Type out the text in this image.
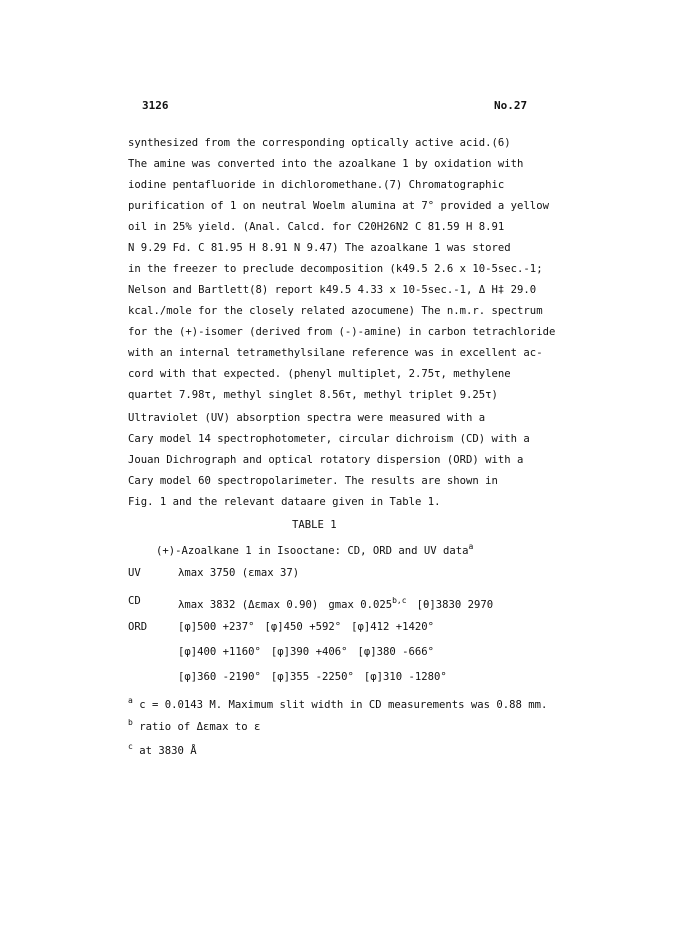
3126	No.27
synthesized from the corresponding optically active acid.(6)
The amine was converted into the azoalkane 1 by oxidation with
iodine pentafluoride in dichloromethane.(7) Chromatographic
purification of 1 on neutral Woelm alumina at 7° provided a yellow
oil in 25% yield. (Anal. Calcd. for C20H26N2 C 81.59 H 8.91
N 9.29 Fd. C 81.95 H 8.91 N 9.47) The azoalkane 1 was stored
in the freezer to preclude decomposition (k49.5 2.6 x 10-5sec.-1;
Nelson and Bartlett(8) report k49.5 4.33 x 10-5sec.-1, Δ H‡ 29.0
kcal./mole for the closely related azocumene) The n.m.r. spectrum
for the (+)-isomer (derived from (-)-amine) in carbon tetrachloride
with an internal tetramethylsilane reference was in excellent ac-
cord with that expected. (phenyl multiplet, 2.75τ, methylene
quartet 7.98τ, methyl singlet 8.56τ, methyl triplet 9.25τ)
Ultraviolet (UV) absorption spectra were measured with a
Cary model 14 spectrophotometer, circular dichroism (CD) with a
Jouan Dichrograph and optical rotatory dispersion (ORD) with a
Cary model 60 spectropolarimeter. The results are shown in
Fig. 1 and the relevant dataare given in Table 1.
TABLE 1
(+)-Azoalkane 1 in Isooctane: CD, ORD and UV data$^a$
UV	λmax 3750 (εmax 37)
CD	λmax 3832 (Δεmax 0.90) gmax 0.025$^{b,c}$ [θ]3830 2970
ORD	[φ]500 +237° [φ]450 +592° [φ]412 +1420°
[φ]400 +1160° [φ]390 +406° [φ]380 -666°
[φ]360 -2190° [φ]355 -2250° [φ]310 -1280°
$^a$ c = 0.0143 M. Maximum slit width in CD measurements was 0.88 mm.
$^b$ ratio of Δεmax to ε
$^c$ at 3830 Å
